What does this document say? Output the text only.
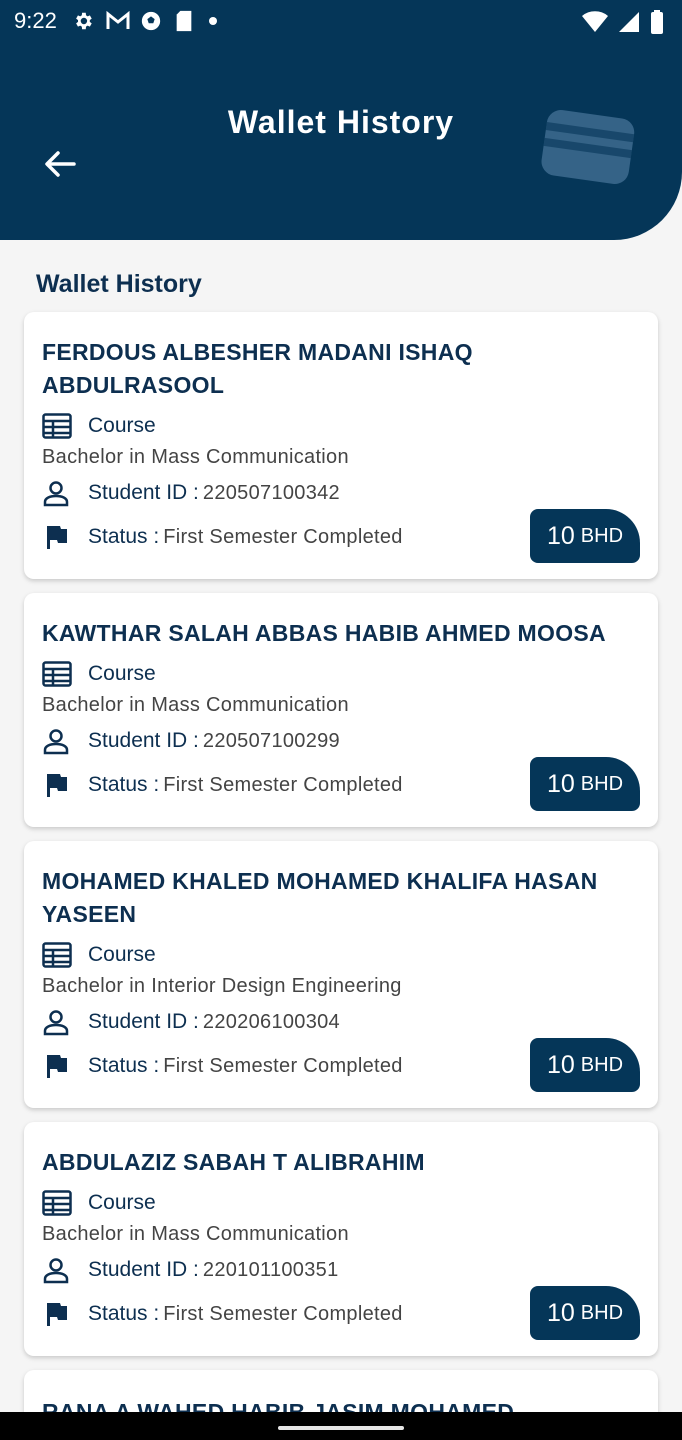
9:22
Wallet History
Wallet History
FERDOUS ALBESHER MADANI ISHAQ ABDULRASOOL
Course
Bachelor in Mass Communication
Student ID : 220507100342
Status : First Semester Completed	10 BHD
KAWTHAR SALAH ABBAS HABIB AHMED MOOSA
Course
Bachelor in Mass Communication
Student ID : 220507100299
Status : First Semester Completed	10 BHD
MOHAMED KHALED MOHAMED KHALIFA HASAN YASEEN
Course
Bachelor in Interior Design Engineering
Student ID : 220206100304
Status : First Semester Completed	10 BHD
ABDULAZIZ SABAH T ALIBRAHIM
Course
Bachelor in Mass Communication
Student ID : 220101100351
Status : First Semester Completed	10 BHD
